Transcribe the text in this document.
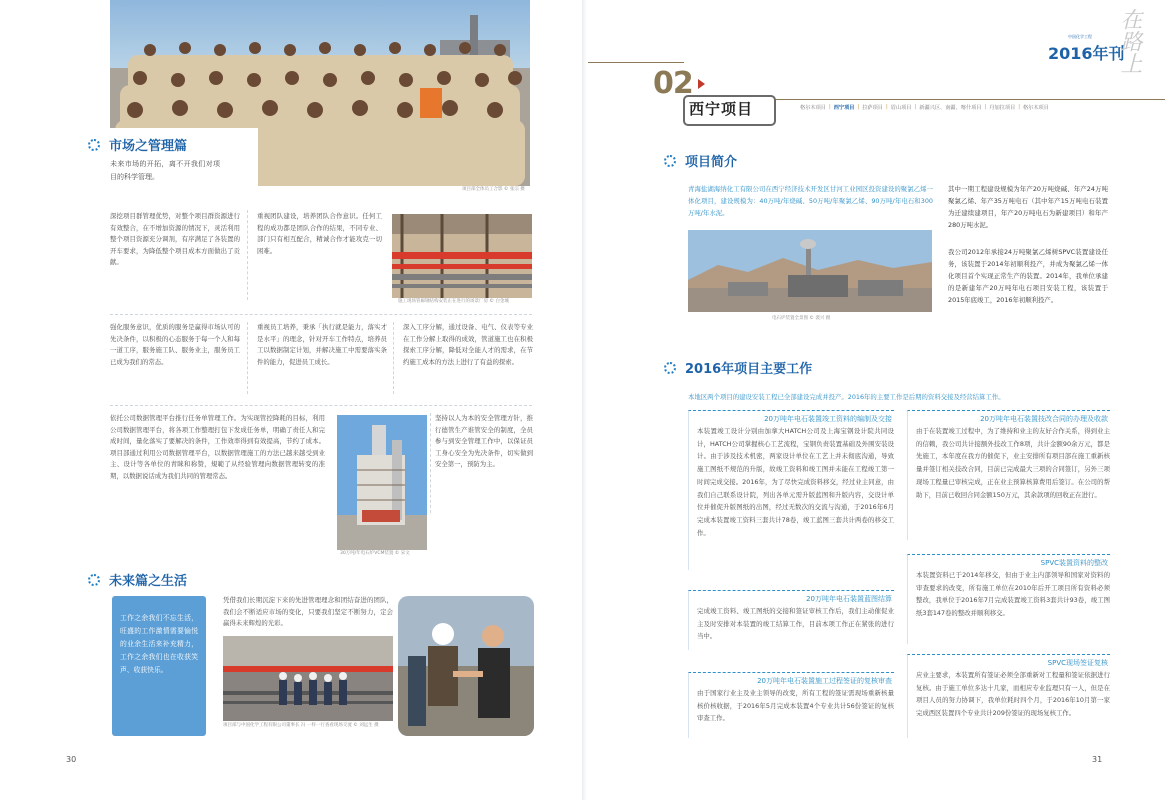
项目部全体员工合影 © 张宗 摄
市场之管理篇
未来市场的开拓，离不开我们对项目的科学管理。
深挖项目群管理优势，对整个项目群资源进行有效整合，在不增加资源的情况下，灵活利用整个项目资源充分调剂，有序满足了各装置的开车要求，为降低整个项目成本方面做出了贡献。
重视团队建设，培养团队合作意识。任何工程的成功都是团队合作的结果，不同专业、部门只有相互配合，精诚合作才能攻克一切困难。
施工现场管廊钢结构安装正在进行的场景厂房 © 白金城
强化服务意识，优质的服务是赢得市场认可的先决条件，以积极的心态服务于每一个人和每一道工序，服务施工队、服务业主，服务员工已成为我们的常态。
重视员工培养，秉承「执行就是能力，落实才是水平」的理念，针对开车工作特点，培养员工以数据制定计划，并解决施工中需要落实条件的能力，促进员工成长。
深入工序分解，通过设备、电气、仪表等专业在工作分解上取得的成效，管道施工也在积极探索工序分解，降低对全能人才的需求，在节约施工成本的方法上进行了有益的探索。
依托公司数据管理平台推行任务单管理工作。为实现管控降耗的目标，利用公司数据管理平台，将各项工作整理打包下发成任务单，明确了责任人和完成时间，量化落实了要解决的条件，工作效率得到有效提高，节约了成本。项目部通过利用公司数据管理平台，以数据管理施工的方法已越来越受到业主、设计等各单位的青睐和称赞，規範了从经验管理向数据管理转变的准期，以数据说话成为我们共同的管理常态。
30万吨/年电石炉VCM装置 © 宋文
坚持以人为本的安全管理方针，推行德管生产谁管安全的制度，全员参与到安全管理工作中，以保证员工身心安全为先决条件，切实做到安全第一，预防为主。
未来篇之生活
工作之余我们不忘生活，旺盛的工作激情需要愉悦的业余生活来补充精力，工作之余我们也在收获笑声、收获快乐。
凭借我们长期沉淀下来的先进管理理念和团结奋进的团队，我们会不断适应市场的变化，只要我们坚定不断努力，定会赢得未来辉煌的光彩。
项目部与中国化学工程有限公司董事长 冯 一样一行查看现场交流 © 刘远生 摄
30
02
西宁项目	格尔木项目 | 西宁项目 | 拉萨项目 | 眉山项目 | 新疆兴区、南疆、喀什项目 | 丹加拉项目 | 格尔木项目
中国化学工程
2016年刊
在路上
项目简介
青海盐湖海纳化工有限公司在西宁经济技术开发区甘河工业园区投资建设的聚氯乙烯一体化项目，建设规模为：40万吨/年烧碱、50万吨/年聚氯乙烯、90万吨/年电石和300万吨/年水泥。
电石炉装置全景图 © 裘兴 摄
其中一期工程建设规模为年产20万吨烧碱、年产24万吨聚氯乙烯、年产35万吨电石（其中年产15万吨电石装置为迁建续建项目，年产20万吨电石为新建项目）和年产280万吨水泥。
我公司2012年承接24万吨聚氯乙烯树SPVC装置建设任务，该装置于2014年初顺利投产，并成为聚氯乙烯一体化项目首个实现正常生产的装置。2014年，我单位承建的是新建年产20万吨年电石项目安装工程，该装置于2015年底竣工，2016年初顺利投产。
2016年项目主要工作
本地区两个项目的建设安装工程已全部建设完成并投产。2016年的主要工作是后期的资料交接及经营结算工作。
20万吨年电石装置竣工资料的编制及交接
本装置竣工设计分别由加拿大HATCH公司及上海宝钢设计院共同设计，HATCH公司掌握核心工艺流程，宝钢负责装置基础及外围安装设计。由于涉及技术机密，两家设计单位在工艺上并未彻底沟通，导致施工图纸不规范的升版，故竣工资料和竣工图并未能在工程竣工第一时间完成交接。2016年，为了尽快完成资料移交，经过业主同意，由我们自己联系设计院，列出各单元需升版蓝图和升版内容，交设计单位并催促升版图纸的出图，经过无数次的交流与沟通，于2016年6月完成本装置竣工资料三套共计78卷，竣工蓝图三套共计两卷的移交工作。
20万吨年电石装置技改合同的办理及收款
由于在装置竣工过程中，为了维持和业主的友好合作关系，得到业主的信赖，我公司共计接额外技改工作8项，共计金额90余万元，都是先施工，本年度在我方的催促下，业主安排所有项目部在施工重新核量并签订相关技改合同，目前已完成最大三项的合同签订，另外三项现场工程量已审核完成，正在业主预算核算费用后签订。在公司的帮助下，目前已收回合同金额150万元，其余款项的回收正在进行。
20万吨年电石装置蓝图结算
完成竣工资料、竣工图纸的交接和签证审核工作后，我们主动催促业主及时安排对本装置的竣工结算工作，目前本项工作正在紧张的进行当中。
SPVC装置资料的整改
本装置资料已于2014年移交，但由于业主内部领导和国家对资料的审查要求的改变，所有施工单位在2010年后开工项目所有资料必须整改，我单位于2016年7月完成装置竣工资料3套共计93卷，竣工图纸3套147卷的整改并顺利移交。
20万吨年电石装置施工过程签证的复核审查
由于国家行业主及业主领导的改变，所有工程的签证需现场重新核量核价核收据，于2016年5月完成本装置4个专业共计56份签证的复核审查工作。
SPVC现场签证复核
应业主要求，本装置所有签证必须全部重新对工程量和签证依据进行复核。由于施工单位多达十几家，而相应专业监理只有一人，但是在项目人员的努力协调下，我单位耗时四个月，于2016年10月第一家完成西区装置四个专业共计209份签证的现场复核工作。
31
